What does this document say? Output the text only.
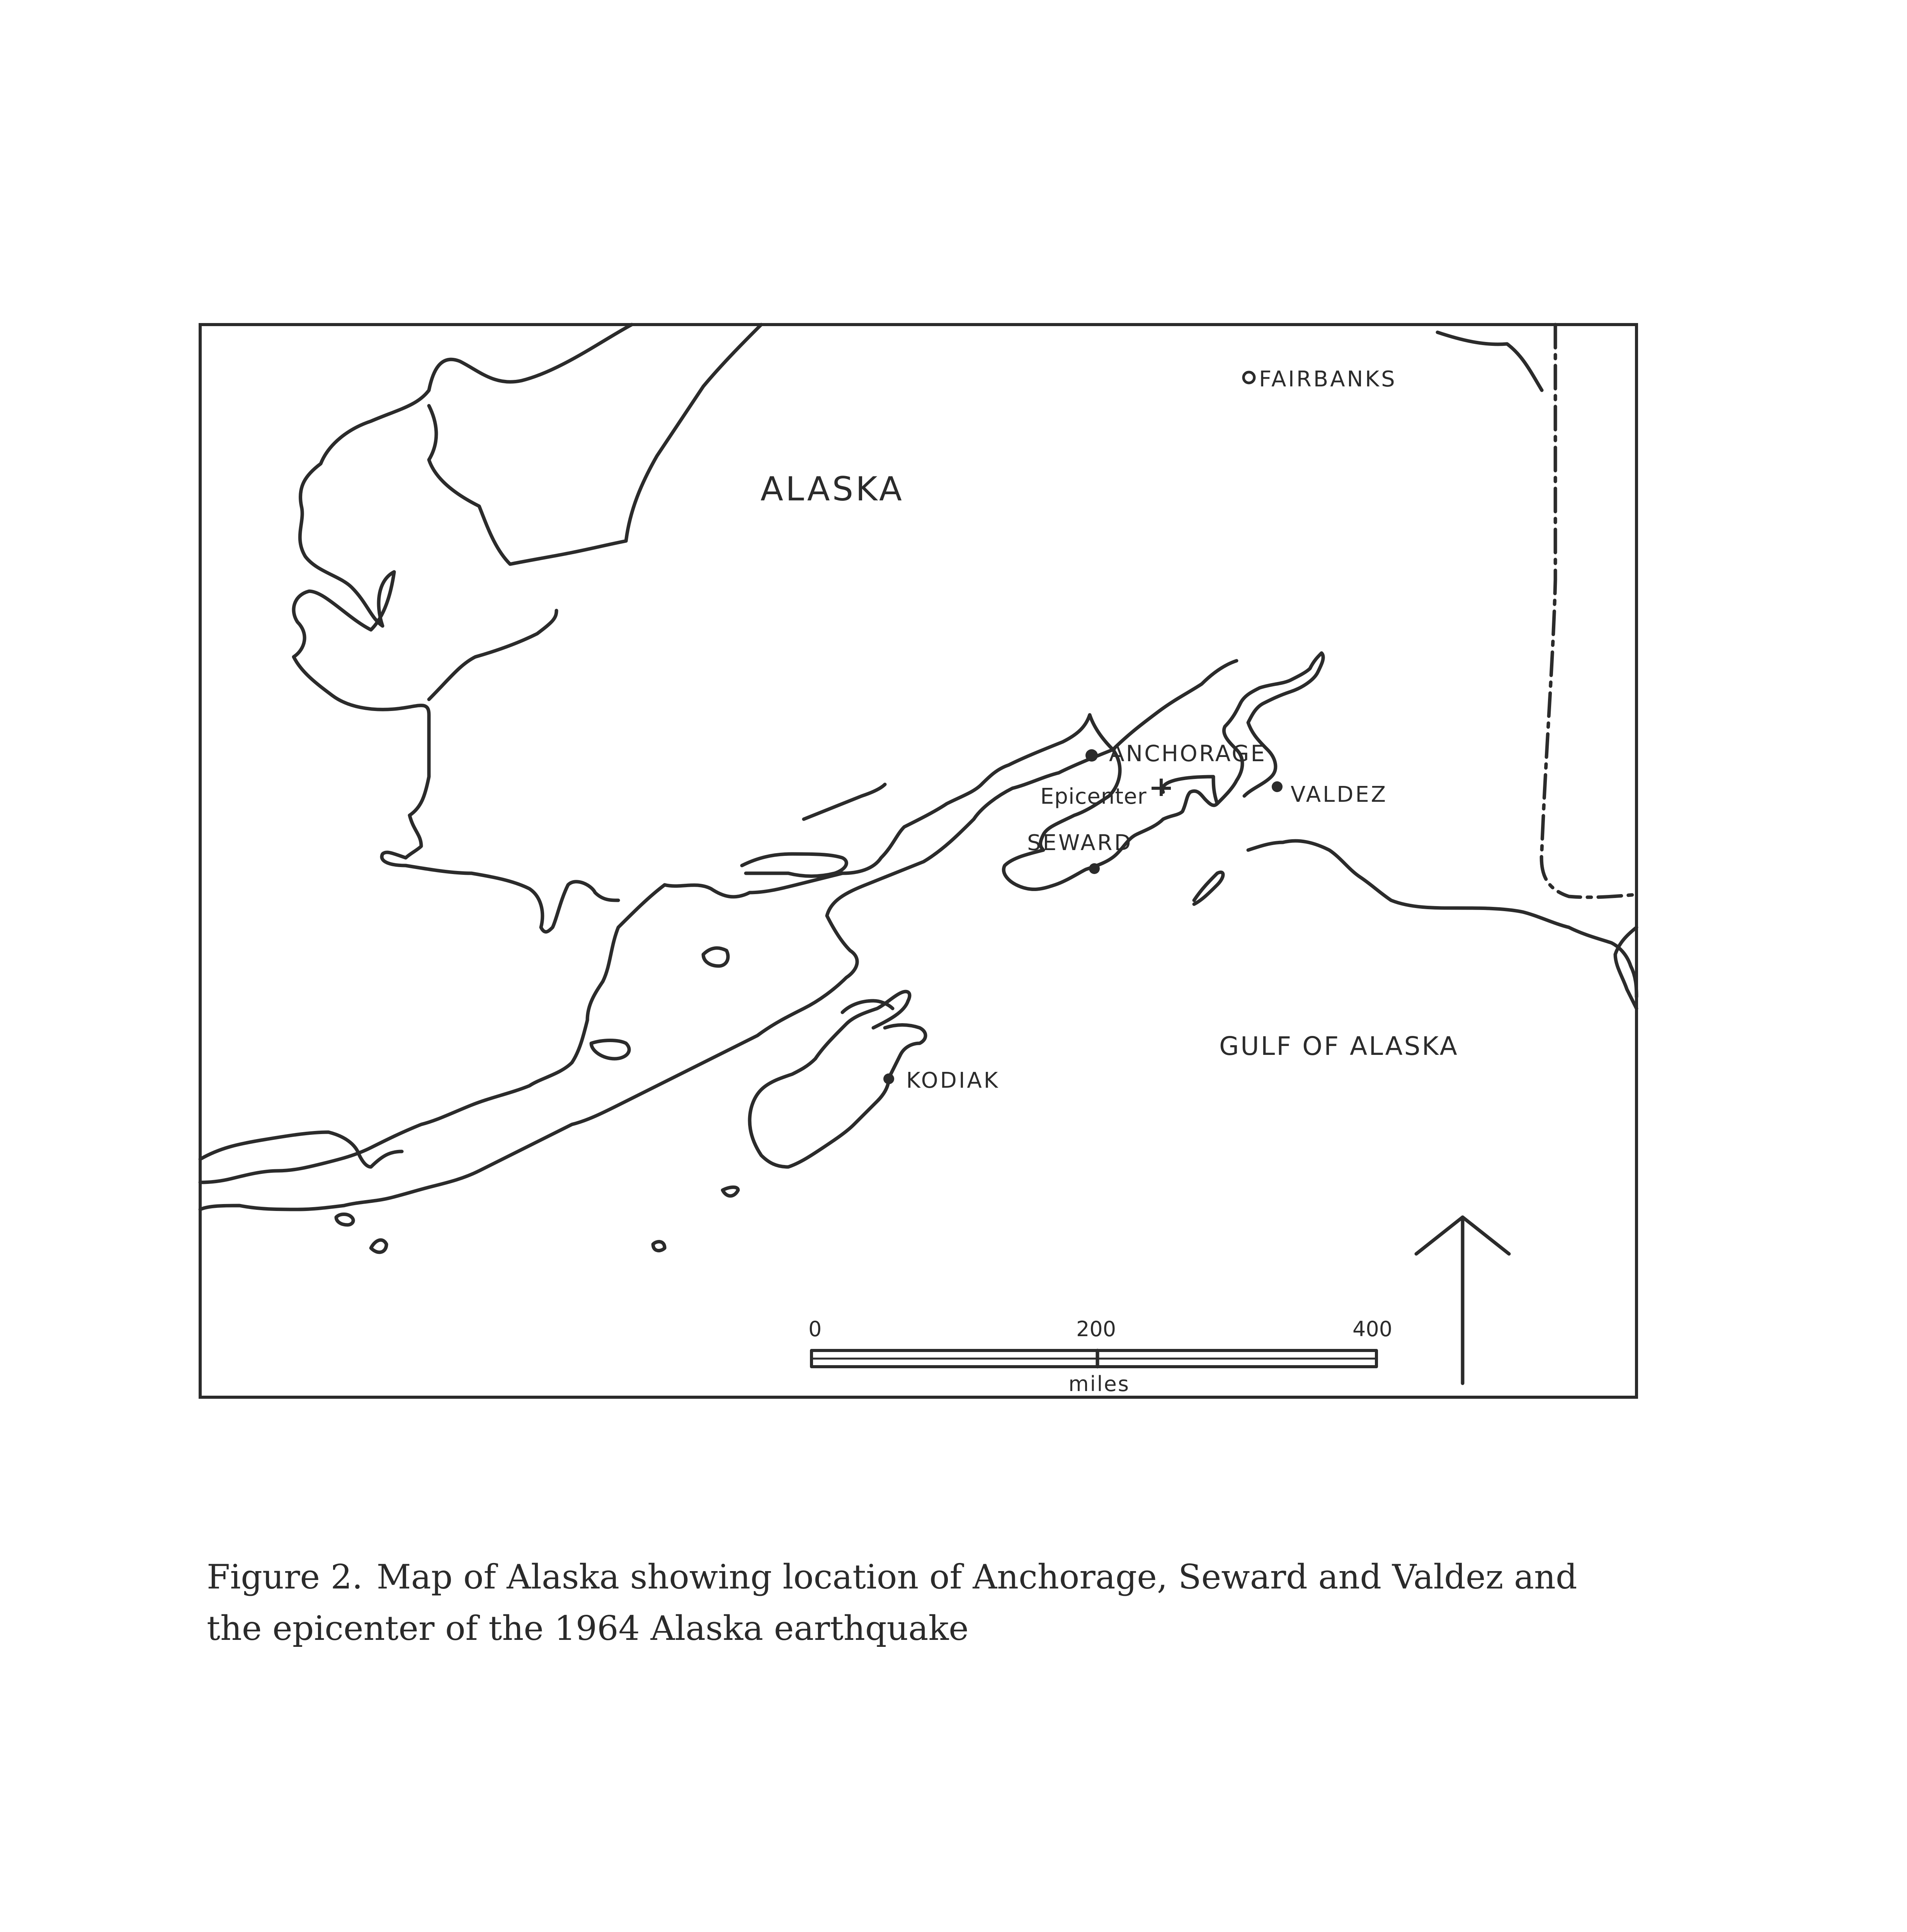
ALASKA
FAIRBANKS
ANCHORAGE
Epicenter
SEWARD
VALDEZ
GULF OF ALASKA
KODIAK
0	200	400
miles
Figure 2. Map of Alaska showing location of Anchorage, Seward and Valdez and the epicenter of the 1964 Alaska earthquake
